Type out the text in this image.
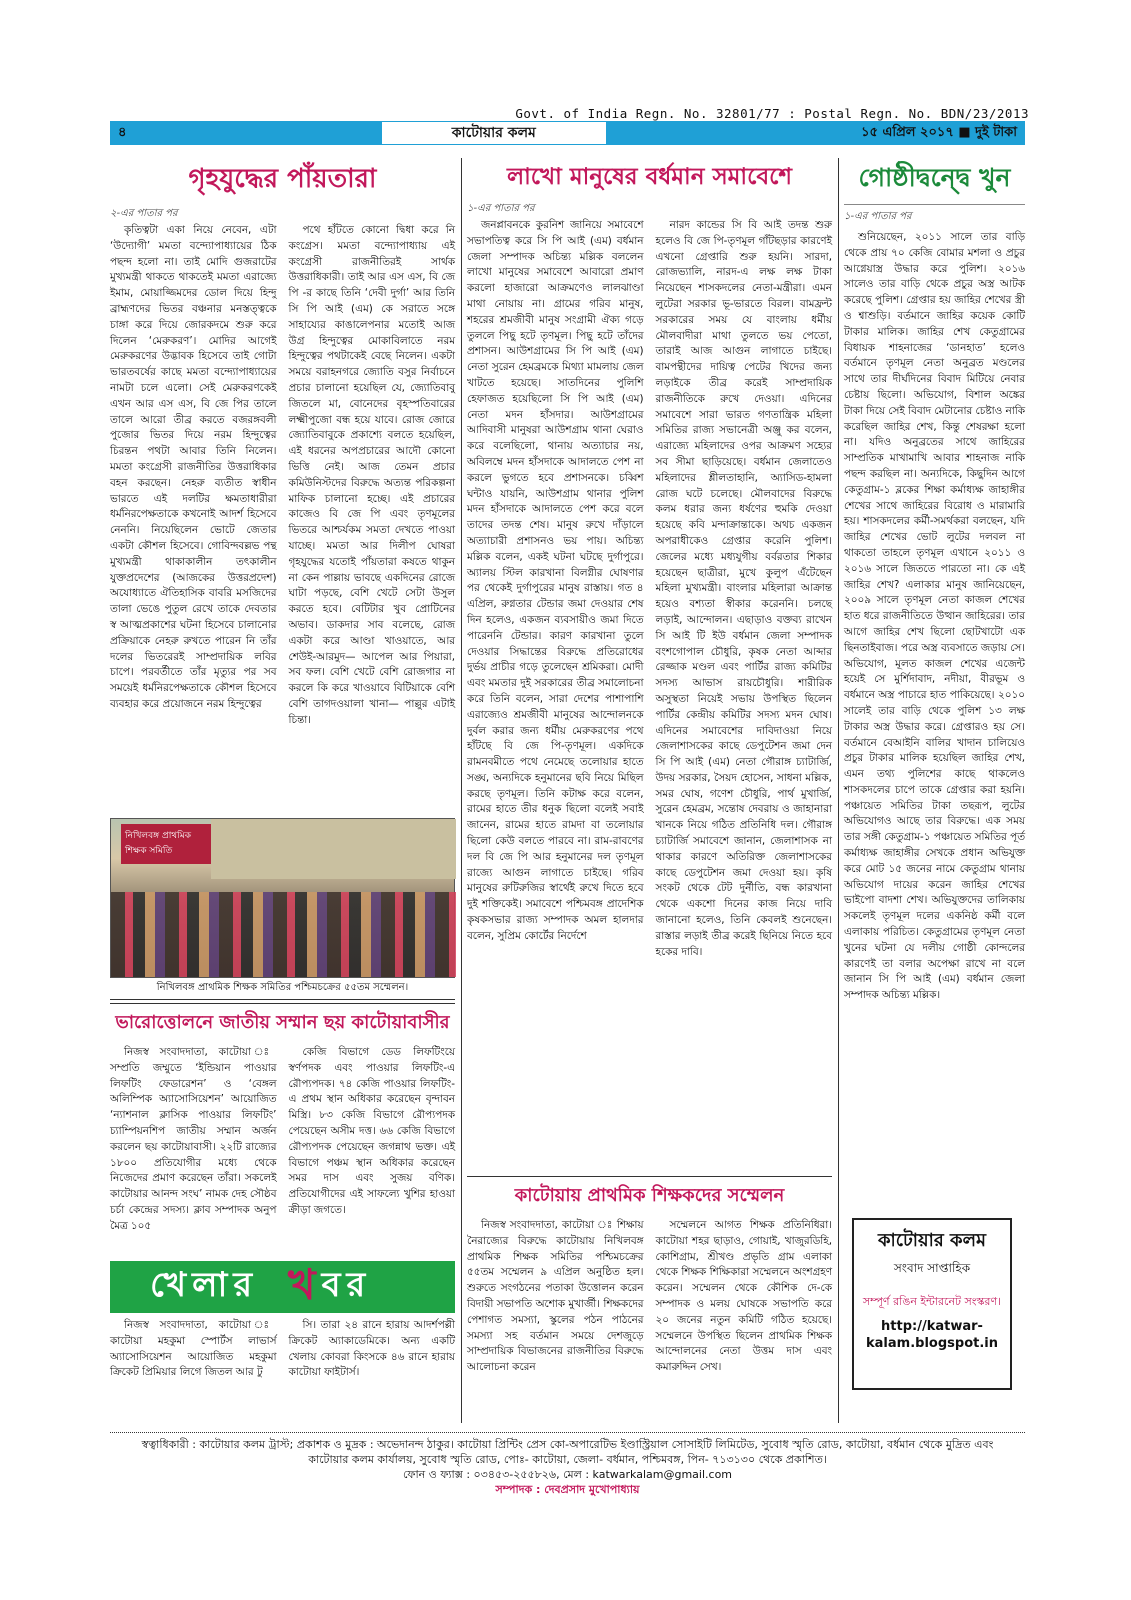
Govt. of India Regn. No. 32801/77 : Postal Regn. No. BDN/23/2013
৪	কাটোয়ার কলম	১৫ এপ্রিল ২০১৭ ■ দুই টাকা
গৃহযুদ্ধের পাঁয়তারা
২-এর পাতার পর

কৃতিত্বটা একা নিয়ে নেবেন, এটা ‘উদ্যোগী’ মমতা বন্দ্যোপাধ্যায়ের ঠিক পছন্দ হলো না। তাই মোদি গুজরাটের মুখ্যমন্ত্রী থাকতে থাকতেই মমতা এরাজ্যে ইমাম, মোয়াজ্জিমদের ডোল দিয়ে হিন্দু ব্রাহ্মণদের ভিতর বঞ্চনার মনস্তত্ত্বকে চাঙ্গা করে দিয়ে জোরকদমে শুরু করে দিলেন ‘মেরুকরণ’। মোদির আগেই মেরুকরণের উদ্ভাবক হিসেবে তাই গোটা ভারতবর্ষের কাছে মমতা বন্দ্যোপাধ্যায়ের নামটা চলে এলো। সেই মেরুকরণকেই এখন আর এস এস, বি জে পির তালে তালে আরো তীব্র করতে বজরঙ্গবলী পুজোর ভিতর দিয়ে নরম হিন্দুত্বের চিরন্তন পথটা আবার তিনি নিলেন। মমতা কংগ্রেসী রাজনীতির উত্তরাধিকার বহন করছেন। নেহরু ব্যতীত স্বাধীন ভারতে এই দলটির ক্ষমতাধারীরা ধর্মনিরপেক্ষতাকে কখনোই আদর্শ হিসেবে নেননি। নিয়েছিলেন ভোটে জেতার একটা কৌশল হিসেবে। গোবিন্দবল্লভ পন্থ মুখ্যমন্ত্রী থাকাকালীন তৎকালীন যুক্তপ্রদেশের (আজকের উত্তরপ্রদেশ) অযোধ্যাতে ঐতিহাসিক বাবরি মসজিদের তালা ভেঙে পুতুল রেখে তাকে দেবতার স্ব আত্মপ্রকাশের ঘটনা হিসেবে চালানোর প্রক্রিয়াকে নেহরু রুখতে পারেন নি তাঁর দলের ভিতরেরই সাম্প্রদায়িক লবির চাপে। পরবর্তীতে তাঁর মৃত্যুর পর সব সময়েই ধর্মনিরপেক্ষতাকে কৌশল হিসেবে ব্যবহার করে প্রয়োজনে নরম হিন্দুত্বের

পথে হাঁটতে কোনো দ্বিধা করে নি কংগ্রেস। মমতা বন্দ্যোপাধ্যায় এই কংগ্রেসী রাজনীতিরই সার্থক উত্তরাধিকারী। তাই আর এস এস, বি জে পি -র কাছে তিনি ‘দেবী দুর্গা’ আর তিনি সি পি আই (এম) কে সরাতে সঙ্গে সাহায্যের কাঙালেপনার মতোই আজ উগ্র হিন্দুত্বের মোকাবিলাতে নরম হিন্দুত্বের পথটাকেই বেছে নিলেন। একটা সময়ে বরাহনগরে জ্যোতি বসুর নির্বাচনে প্রচার চালানো হয়েছিল যে, জ্যোতিবাবু জিতলে মা, বোনেদের বৃহস্পতিবারের লক্ষ্মীপুজো বন্ধ হয়ে যাবে। রোজ জোরে জ্যোতিবাবুকে প্রকাশ্যে বলতে হয়েছিল, এই ধরনের অপপ্রচারের আদৌ কোনো ভিত্তি নেই। আজ তেমন প্রচার কমিউনিস্টদের বিরুদ্ধে অত্যন্ত পরিকল্পনা মাফিক চালানো হচ্ছে। এই প্রচারের কাজেও বি জে পি এবং তৃণমূলের ভিতরে আশ্চর্যকম সমতা দেখতে পাওয়া যাচ্ছে। মমতা আর দিলীপ ঘোষরা গৃহযুদ্ধের যতোই পাঁয়তারা কষতে থাকুন না কেন পাল্লায় ভাবছে একদিনের রোজে ঘাটা পড়ছে, বেশি খেটে সেটা উসুল করতে হবে। বেটিটার খুব প্রোটিনের অভাব। ডাকদার সাব বলেছে, রোজ একটা করে আণ্ডা খাওয়াতে, আর শেউই-আরমুদ— আপেল আর পিয়ারা, সব ফল। বেশি খেটে বেশি রোজগার না করলে কি করে খাওয়াবে বিটিয়াকে বেশি বেশি তাগদওয়ালা খানা— পাল্লুর এটাই চিন্তা।

নিখিলবঙ্গ প্রাথমিক শিক্ষক সমিতি
নিখিলবঙ্গ প্রাথমিক শিক্ষক সমিতির পশ্চিমচক্রের ৫৫তম সম্মেলন।
ভারোত্তোলনে জাতীয় সম্মান ছয় কাটোয়াবাসীর

নিজস্ব সংবাদদাতা, কাটোয়া ঃ সম্প্রতি জম্মুতে ‘ইন্ডিয়ান পাওয়ার লিফটিং ফেডারেশন’ ও ‘বেঙ্গল অলিম্পিক অ্যাসোসিয়েশন’ আয়োজিত ‘ন্যাশনাল ক্লাসিক পাওয়ার লিফটিং’ চ্যাম্পিয়নশিপ জাতীয় সম্মান অর্জন করলেন ছয় কাটোয়াবাসী। ২২টি রাজ্যের ১৮০০ প্রতিযোগীর মধ্যে থেকে নিজেদের প্রমাণ করেছেন তাঁরা। সকলেই কাটোয়ার আনন্দ সংঘ’ নামক দেহ সৌষ্ঠব চর্চা কেন্দ্রের সদস্য। ক্লাব সম্পাদক অনুপ মৈত্র ১০৫

কেজি বিভাগে ডেড লিফটিংয়ে স্বর্ণপদক এবং পাওয়ার লিফটিং-এ রৌপ্যপদক। ৭৪ কেজি পাওয়ার লিফটিং-এ প্রথম স্থান অধিকার করেছেন বৃন্দাবন মিস্ত্রি। ৮৩ কেজি বিভাগে রৌপ্যপদক পেয়েছেন অসীম দত্ত। ৬৬ কেজি বিভাগে রৌপ্যপদক পেয়েছেন জগন্নাথ ভক্ত। এই বিভাগে পঞ্চম স্থান অধিকার করেছেন সমর দাস এবং সুজয় বণিক। প্রতিযোগীদের এই সাফল্যে খুশির হাওয়া ক্রীড়া জগতে।

খেলার খ বর

নিজস্ব সংবাদদাতা, কাটোয়া ঃ কাটোয়া মহকুমা স্পোর্টস লাভার্স অ্যাসোসিয়েশন আয়োজিত মহকুমা ক্রিকেট প্রিমিয়ার লিগে জিতল আর টু

সি। তারা ২৪ রানে হারায় আদর্শপল্লী ক্রিকেট অ্যাকাডেমিকে। অন্য একটি খেলায় কোবরা কিংসকে ৪৬ রানে হারায় কাটোয়া ফাইটার্স।

লাখো মানুষের বর্ধমান সমাবেশে
১-এর পাতার পর

জনপ্লাবনকে কুরনিশ জানিয়ে সমাবেশে সভাপতিত্ব করে সি পি আই (এম) বর্ধমান জেলা সম্পাদক অচিন্ত্য মল্লিক বললেন লাখো মানুষের সমাবেশে আবারো প্রমাণ করলো হাজারো আক্রমণেও লালঝাণ্ডা মাথা নোয়ায় না। গ্রামের গরিব মানুষ, শহরের শ্রমজীবী মানুষ সংগ্রামী ঐক্য গড়ে তুললে পিছু হটে তৃণমূল। পিছু হটে তাঁদের প্রশাসন। আউশগ্রামের সি পি আই (এম) নেতা সুরেন হেমব্রমকে মিথ্যা মামলায় জেল খাটতে হয়েছে। সাতদিনের পুলিশি হেফাজত হয়েছিলো সি পি আই (এম) নেতা মদন হাঁসদার। আউশগ্রামের আদিবাসী মানুষরা আউশগ্রাম থানা ঘেরাও করে বলেছিলো, থানায় অত্যাচার নয়, অবিলম্বে মদন হাঁসদাকে আদালতে পেশ না করলে ভুগতে হবে প্রশাসনকে। চব্বিশ ঘন্টাও যায়নি, আউশগ্রাম থানার পুলিশ মদন হাঁসদাকে আদালতে পেশ করে বলে তাদের তদন্ত শেষ। মানুষ রুখে দাঁড়ালে অত্যাচারী প্রশাসনও ভয় পায়। অচিন্ত্য মল্লিক বলেন, একই ঘটনা ঘটছে দুর্গাপুরে। অ্যালয় স্টিল কারখানা বিলগ্নীর ঘোষণার পর থেকেই দুর্গাপুরের মানুষ রাস্তায়। গত ৪ এপ্রিল, রুগ্নতার টেন্ডার জমা দেওয়ার শেষ দিন হলেও, একজন ব্যবসায়ীও জমা দিতে পারেননি টেন্ডার। কারণ কারখানা তুলে দেওয়ার সিদ্ধান্তের বিরুদ্ধে প্রতিরোধের দুর্ভয় প্রাচীর গড়ে তুলেছেন শ্রমিকরা। মোদী এবং মমতার দুই সরকারের তীব্র সমালোচনা করে তিনি বলেন, সারা দেশের পাশাপাশি এরাজ্যেও শ্রমজীবী মানুষের আন্দোলনকে দুর্বল করার জন্য ধর্মীয় মেরুকরণের পথে হাঁটছে বি জে পি-তৃণমূল। একদিকে রামনবমীতে পথে নেমেছে তলোয়ার হাতে সঙ্ঘ, অন্যদিকে হনুমানের ছবি নিয়ে মিছিল করছে তৃণমূল। তিনি কটাক্ষ করে বলেন, রামের হাতে তীর ধনুক ছিলো বলেই সবাই জানেন, রামের হাতে রামদা বা তলোয়ার ছিলো কেউ বলতে পারবে না। রাম-রাবণের দল বি জে পি আর হনুমানের দল তৃণমূল রাজ্যে আগুন লাগাতে চাইছে। গরিব মানুষের রুটিরুজির স্বার্থেই রুখে দিতে হবে দুই শক্তিকেই। সমাবেশে পশ্চিমবঙ্গ প্রাদেশিক কৃষকসভার রাজ্য সম্পাদক অমল হালদার বলেন, সুপ্রিম কোর্টের নির্দেশে

নারদ কান্ডের সি বি আই তদন্ত শুরু হলেও বি জে পি-তৃণমূল গাঁটছড়ার কারণেই এখনো গ্রেপ্তারি শুরু হয়নি। সারদা, রোজভ্যালি, নারদ-এ লক্ষ লক্ষ টাকা নিয়েছেন শাসকদলের নেতা-মন্ত্রীরা। এমন লুটেরা সরকার ভূ-ভারতে বিরল। বামফ্রন্ট সরকারের সময় যে বাংলায় ধর্মীয় মৌলবাদীরা মাথা তুলতে ভয় পেতো, তারাই আজ আগুন লাগাতে চাইছে। বামপন্থীদের দায়িত্ব পেটের খিদের জন্য লড়াইকে তীব্র করেই সাম্প্রদায়িক রাজনীতিকে রুখে দেওয়া। এদিনের সমাবেশে সারা ভারত গণতান্ত্রিক মহিলা সমিতির রাজ্য সভানেত্রী অঞ্জু কর বলেন, এরাজ্যে মহিলাদের ওপর আক্রমণ সহ্যের সব সীমা ছাড়িয়েছে। বর্ধমান জেলাতেও মহিলাদের শ্লীলতাহানি, অ্যাসিড-হামলা রোজ ঘটে চলেছে। মৌলবাদের বিরুদ্ধে কলম ধরার জন্য ধর্ষণের হুমকি দেওয়া হয়েছে কবি মন্দাক্রান্তাকে। অথচ একজন অপরাধীকেও গ্রেপ্তার করেনি পুলিশ। জেলের মধ্যে মধ্যযুগীয় বর্বরতার শিকার হয়েছেন ছাত্রীরা, মুখে কুলুপ এঁটেছেন মহিলা মুখ্যমন্ত্রী। বাংলার মহিলারা আক্রান্ত হয়েও বশ্যতা স্বীকার করেননি। চলছে লড়াই, আন্দোলন। এছাড়াও বক্তব্য রাখেন সি আই টি ইউ বর্ধমান জেলা সম্পাদক বংশগোপাল চৌধুরি, কৃষক নেতা আব্দার রেজ্জাক মণ্ডল এবং পার্টির রাজ্য কমিটির সদস্য আভাস রায়চৌধুরি। শারীরিক অসুস্থতা নিয়েই সভায় উপস্থিত ছিলেন পার্টির কেন্দ্রীয় কমিটির সদস্য মদন ঘোষ। এদিনের সমাবেশের দাবিদাওয়া নিয়ে জেলাশাসকের কাছে ডেপুটেশন জমা দেন সি পি আই (এম) নেতা গৌরাঙ্গ চ্যাটার্জি, উদয় সরকার, সৈয়দ হোসেন, সাধনা মল্লিক, সমর ঘোষ, গণেশ চৌধুরি, পার্থ মুখার্জি, সুরেন হেমব্রম, সন্তোষ দেবরায় ও জাহানারা খানকে নিয়ে গঠিত প্রতিনিধি দল। গৌরাঙ্গ চ্যাটার্জি সমাবেশে জানান, জেলাশাসক না থাকার কারণে অতিরিক্ত জেলাশাসকের কাছে ডেপুটেশন জমা দেওয়া হয়। কৃষি সংকট থেকে টেট দুর্নীতি, বন্ধ কারখানা থেকে একশো দিনের কাজ নিয়ে দাবি জানানো হলেও, তিনি কেবলই শুনেছেন। রাস্তার লড়াই তীব্র করেই ছিনিয়ে নিতে হবে হকের দাবি।

কাটোয়ায় প্রাথমিক শিক্ষকদের সম্মেলন

নিজস্ব সংবাদদাতা, কাটোয়া ঃ শিক্ষায় নৈরাজ্যের বিরুদ্ধে কাটোয়ায় নিখিলবঙ্গ প্রাথমিক শিক্ষক সমিতির পশ্চিমচক্রের ৫৫তম সম্মেলন ৯ এপ্রিল অনুষ্ঠিত হল। শুরুতে সংগঠনের পতাকা উত্তোলন করেন বিদায়ী সভাপতি অশোক মুখার্জী। শিক্ষকদের পেশাগত সমস্যা, স্কুলের পঠন পাঠনের সমস্যা সহ বর্তমান সময়ে দেশজুড়ে সাম্প্রদায়িক বিভাজনের রাজনীতির বিরুদ্ধে আলোচনা করেন

সম্মেলনে আগত শিক্ষক প্রতিনিধিরা। কাটোয়া শহর ছাড়াও, গোয়াই, খাজুরডিহি, কোশিগ্রাম, শ্রীখণ্ড প্রভৃতি গ্রাম এলাকা থেকে শিক্ষক শিক্ষিকারা সম্মেলনে অংশগ্রহণ করেন। সম্মেলন থেকে কৌশিক দে-কে সম্পাদক ও মলয় ঘোষকে সভাপতি করে ২০ জনের নতুন কমিটি গঠিত হয়েছে। সম্মেলনে উপস্থিত ছিলেন প্রাথমিক শিক্ষক আন্দোলনের নেতা উত্তম দাস এবং কমারুদ্দিন সেখ।

গোষ্ঠীদ্বন্দ্বে খুন
১-এর পাতার পর

শুনিয়েছেন, ২০১১ সালে তার বাড়ি থেকে প্রায় ৭০ কেজি বোমার মশলা ও প্রচুর আগ্নেয়াস্ত্র উদ্ধার করে পুলিশ। ২০১৬ সালেও তার বাড়ি থেকে প্রচুর অস্ত্র আটক করেছে পুলিশ। গ্রেপ্তার হয় জাহির শেখের স্ত্রী ও শ্বাশুড়ি। বর্তমানে জাহির কয়েক কোটি টাকার মালিক। জাহির শেখ কেতুগ্রামের বিধায়ক শাহনাজের ‘ডানহাত’ হলেও বর্তমানে তৃণমূল নেতা অনুব্রত মণ্ডলের সাথে তার দীর্ঘদিনের বিবাদ মিটিয়ে নেবার চেষ্টায় ছিলো। অভিযোগ, বিশাল অঙ্কের টাকা দিয়ে সেই বিবাদ মেটানোর চেষ্টাও নাকি করেছিল জাহির শেখ, কিন্তু শেষরক্ষা হলো না। যদিও অনুব্রতের সাথে জাহিরের সাম্প্রতিক মাখামাখি আবার শাহনাজ নাকি পছন্দ করছিল না। অন্যদিকে, কিছুদিন আগে কেতুগ্রাম-১ ব্লকের শিক্ষা কর্মাধ্যক্ষ জাহাঙ্গীর শেখের সাথে জাহিরের বিরোধ ও মারামারি হয়। শাসকদলের কর্মী-সমর্থকরা বলছেন, যদি জাহির শেখের ভোট লুটের দলবল না থাকতো তাহলে তৃণমূল এখানে ২০১১ ও ২০১৬ সালে জিততে পারতো না। কে এই জাহির শেখ? এলাকার মানুষ জানিয়েছেন, ২০০৯ সালে তৃণমূল নেতা কাজল শেখের হাত ধরে রাজনীতিতে উত্থান জাহিরের। তার আগে জাহির শেখ ছিলো ছোটখাটো এক ছিনতাইবাজ। পরে অস্ত্র ব্যবসাতে জড়ায় সে। অভিযোগ, মূলত কাজল শেখের এজেন্ট হয়েই সে মুর্শিদাবাদ, নদীয়া, বীরভূম ও বর্ধমানে অস্ত্র পাচারে হাত পাকিয়েছে। ২০১০ সালেই তার বাড়ি থেকে পুলিশ ১৩ লক্ষ টাকার অস্ত্র উদ্ধার করে। গ্রেপ্তারও হয় সে। বর্তমানে বেআইনি বালির খাদান চালিয়েও প্রচুর টাকার মালিক হয়েছিল জাহির শেখ, এমন তথ্য পুলিশের কাছে থাকলেও শাসকদলের চাপে তাকে গ্রেপ্তার করা হয়নি। পঞ্চায়েত সমিতির টাকা তছরূপ, লুটের অভিযোগও আছে তার বিরুদ্ধে। এক সময় তার সঙ্গী কেতুগ্রাম-১ পঞ্চায়েত সমিতির পূর্ত কর্মাধ্যক্ষ জাহাঙ্গীর সেখকে প্রধান অভিযুক্ত করে মোট ১৫ জনের নামে কেতুগ্রাম থানায় অভিযোগ দায়ের করেন জাহির শেখের ভাইপো বাদশা শেখ। অভিযুক্তদের তালিকায় সকলেই তৃণমূল দলের একনিষ্ঠ কর্মী বলে এলাকায় পরিচিত। কেতুগ্রামের তৃণমূল নেতা খুনের ঘটনা যে দলীয় গোষ্ঠী কোন্দলের কারণেই তা বলার অপেক্ষা রাখে না বলে জানান সি পি আই (এম) বর্ধমান জেলা সম্পাদক অচিন্ত্য মল্লিক।

কাটোয়ার কলম
সংবাদ সাপ্তাহিক
সম্পূর্ণ রঙিন ইন্টারনেট সংস্করণ।
http://katwar-kalam.blogspot.in
স্বত্বাধিকারী : কাটোয়ার কলম ট্রাস্ট; প্রকাশক ও মুদ্রক : অভেদানন্দ ঠাকুর। কাটোয়া প্রিন্টিং প্রেস কো-অপারেটিভ ইণ্ডাস্ট্রিয়াল সোসাইটি লিমিটেড, সুবোধ স্মৃতি রোড, কাটোয়া, বর্ধমান থেকে মুদ্রিত এবং
কাটোয়ার কলম কার্যালয়, সুবোধ স্মৃতি রোড, পোঃ- কাটোয়া, জেলা- বর্ধমান, পশ্চিমবঙ্গ, পিন- ৭১৩১৩০ থেকে প্রকাশিত।
ফোন ও ফ্যাক্স : ০৩৪৫৩-২৫৫৮২৬, মেল : katwarkalam@gmail.com
সম্পাদক : দেবপ্রসাদ মুখোপাধ্যায়
